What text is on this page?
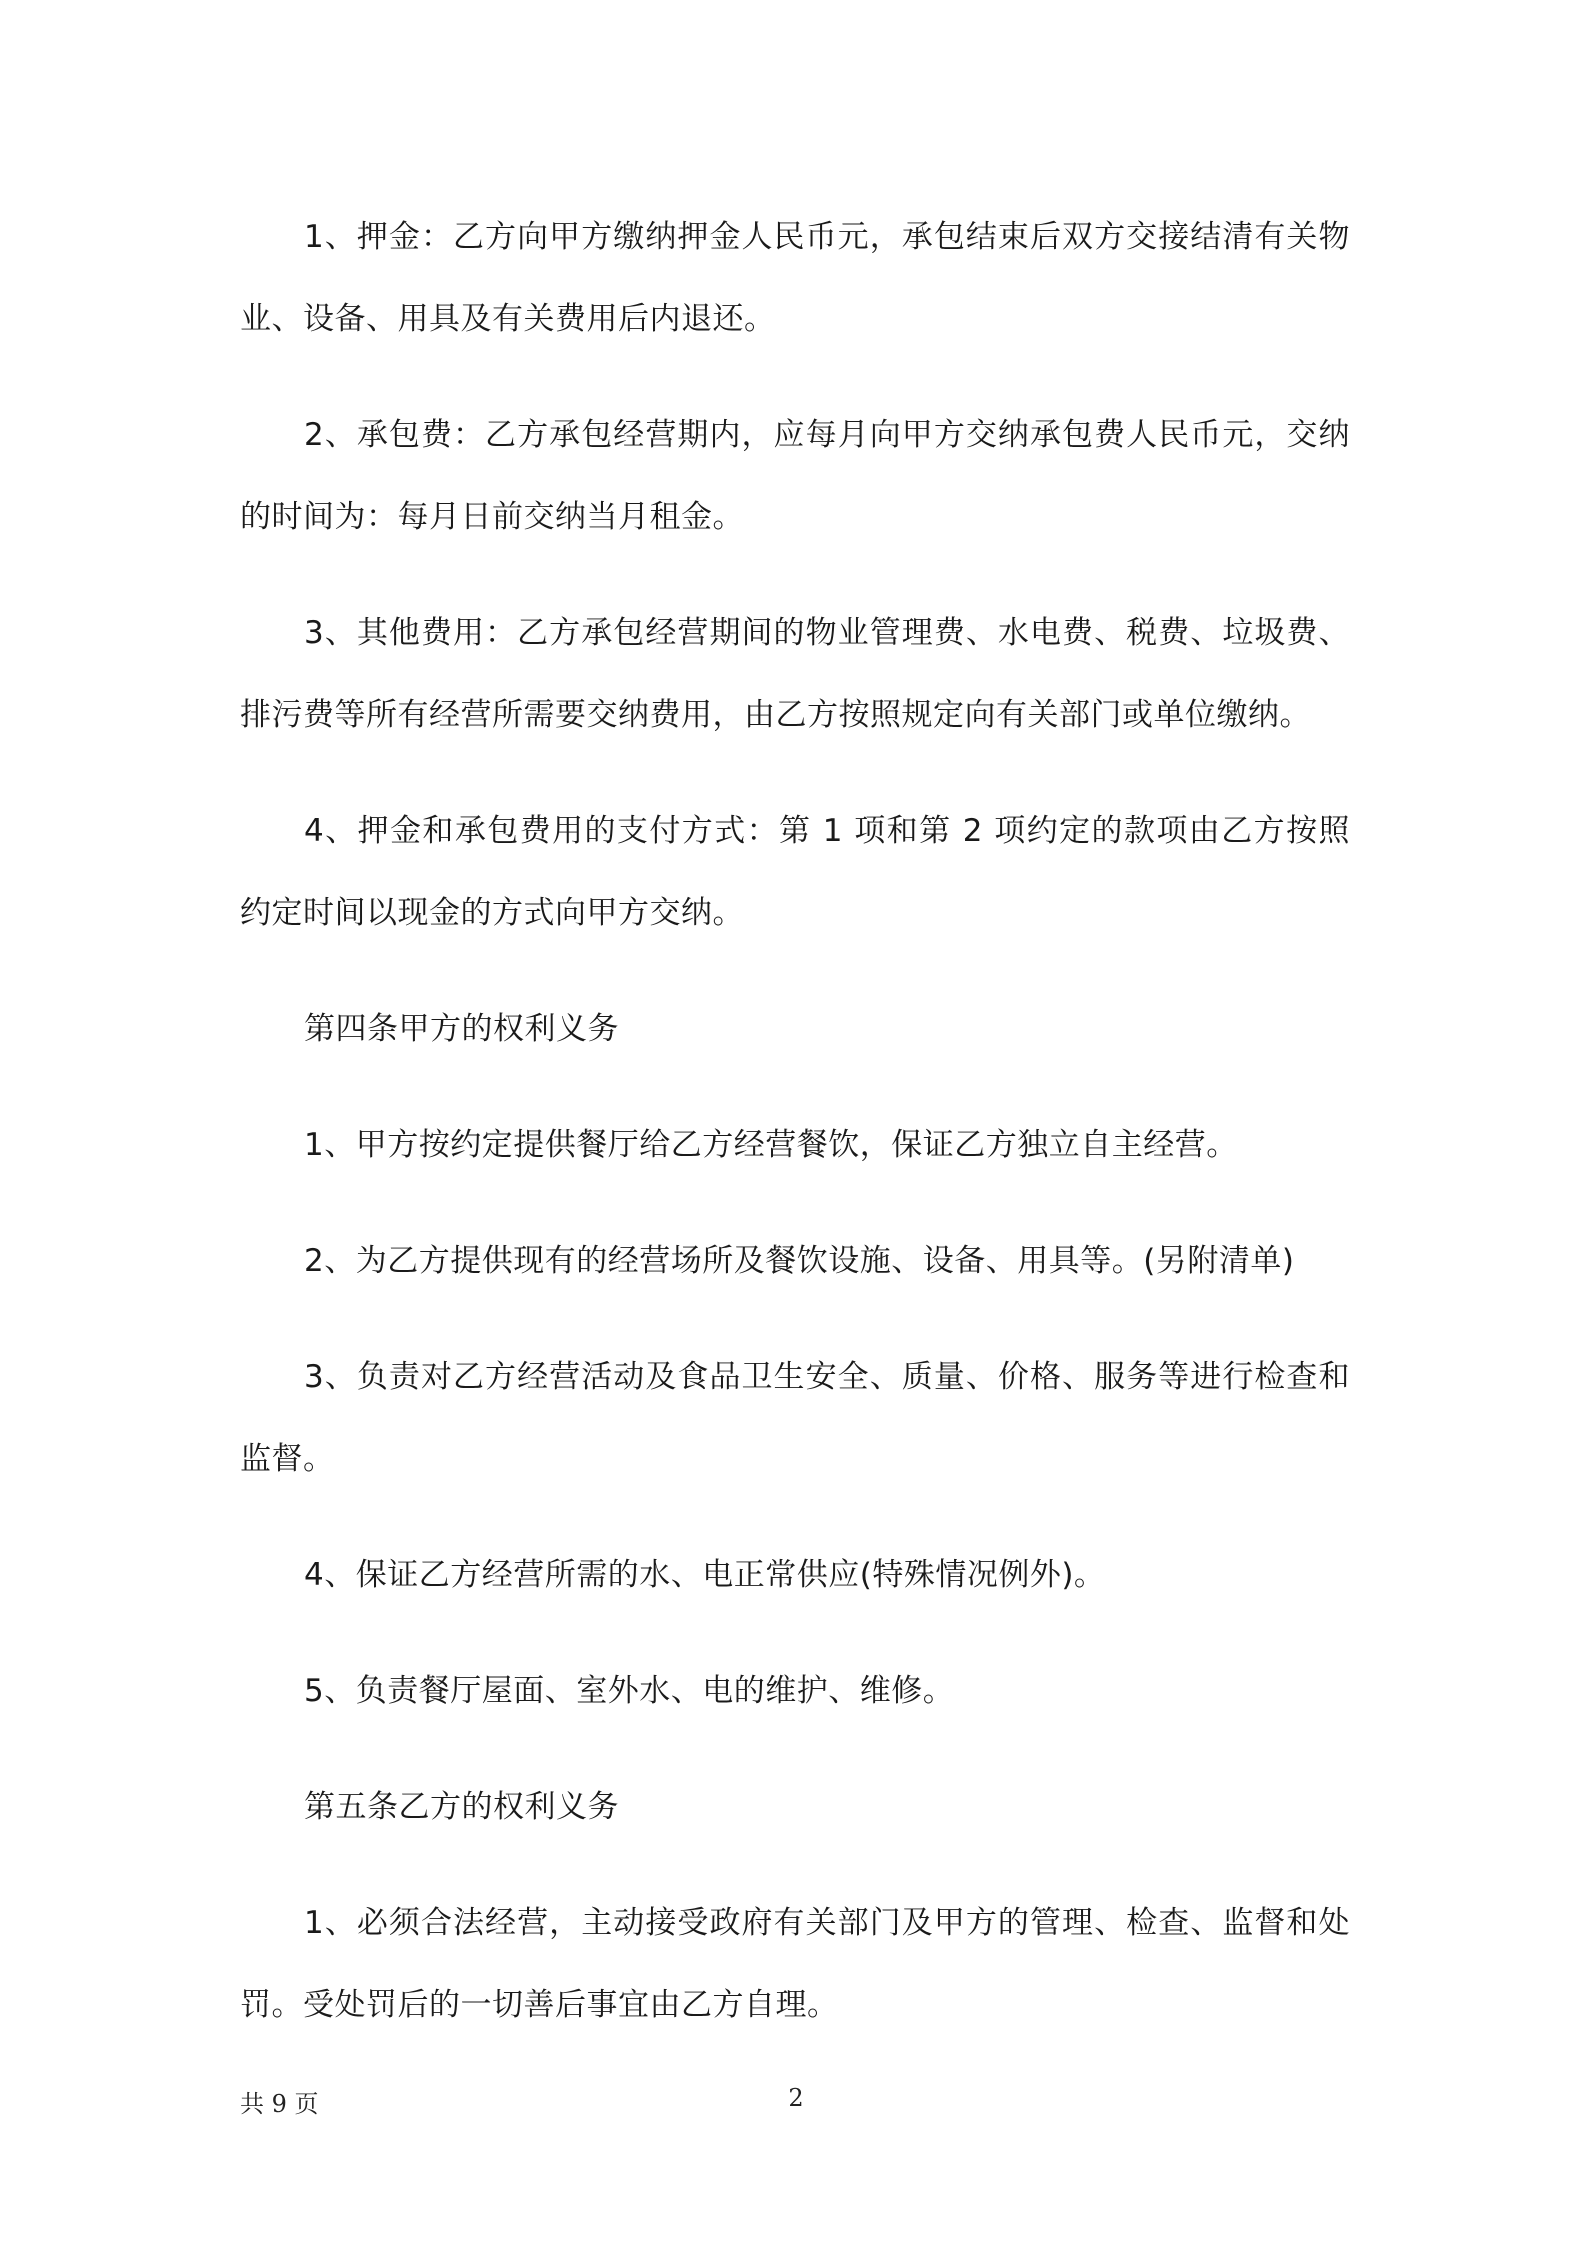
1、押金：乙方向甲方缴纳押金人民币元，承包结束后双方交接结清有关物业、设备、用具及有关费用后内退还。

2、承包费：乙方承包经营期内，应每月向甲方交纳承包费人民币元，交纳的时间为：每月日前交纳当月租金。

3、其他费用：乙方承包经营期间的物业管理费、水电费、税费、垃圾费、排污费等所有经营所需要交纳费用，由乙方按照规定向有关部门或单位缴纳。

4、押金和承包费用的支付方式：第 1 项和第 2 项约定的款项由乙方按照约定时间以现金的方式向甲方交纳。

第四条甲方的权利义务

1、甲方按约定提供餐厅给乙方经营餐饮，保证乙方独立自主经营。

2、为乙方提供现有的经营场所及餐饮设施、设备、用具等。(另附清单)

3、负责对乙方经营活动及食品卫生安全、质量、价格、服务等进行检查和监督。

4、保证乙方经营所需的水、电正常供应(特殊情况例外)。

5、负责餐厅屋面、室外水、电的维护、维修。

第五条乙方的权利义务

1、必须合法经营，主动接受政府有关部门及甲方的管理、检查、监督和处罚。受处罚后的一切善后事宜由乙方自理。

共 9 页	2
